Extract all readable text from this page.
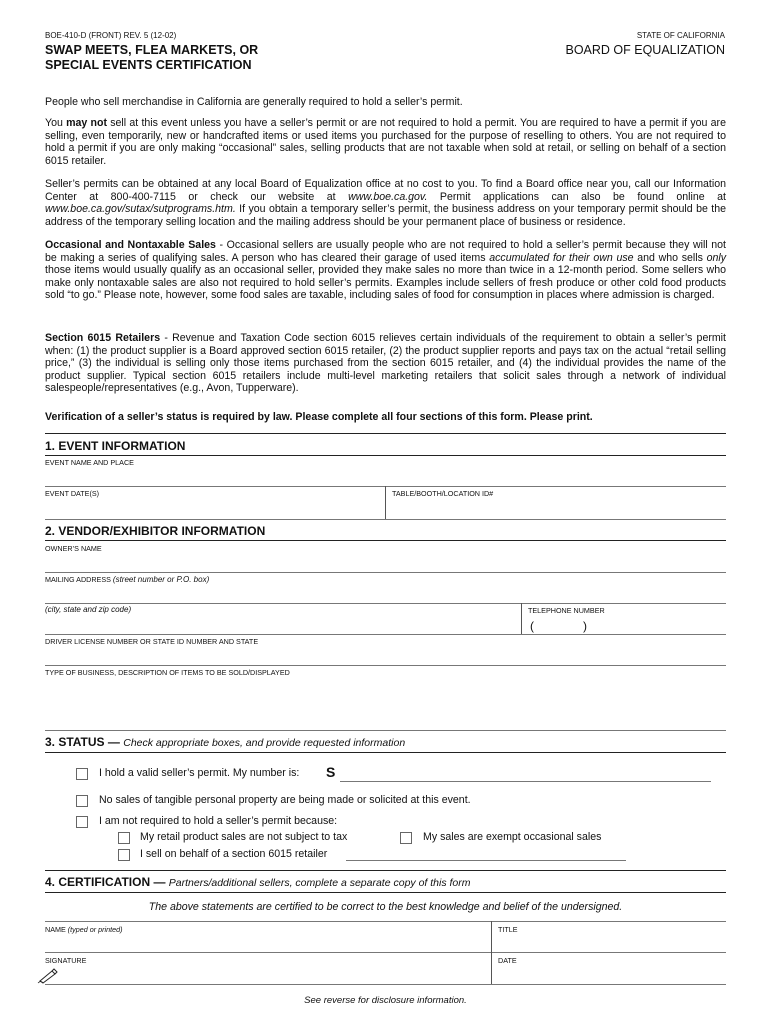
BOE-410-D (FRONT) REV. 5 (12-02)
SWAP MEETS, FLEA MARKETS, OR
SPECIAL EVENTS CERTIFICATION
STATE OF CALIFORNIA
BOARD OF EQUALIZATION
People who sell merchandise in California are generally required to hold a seller’s permit.
You may not sell at this event unless you have a seller’s permit or are not required to hold a permit. You are required to have a permit if you are selling, even temporarily, new or handcrafted items or used items you purchased for the purpose of reselling to others. You are not required to hold a permit if you are only making “occasional” sales, selling products that are not taxable when sold at retail, or selling on behalf of a section 6015 retailer.
Seller’s permits can be obtained at any local Board of Equalization office at no cost to you. To find a Board office near you, call our Information Center at 800-400-7115 or check our website at www.boe.ca.gov. Permit applications can also be found online at www.boe.ca.gov/sutax/sutprograms.htm. If you obtain a temporary seller’s permit, the business address on your temporary permit should be the address of the temporary selling location and the mailing address should be your permanent place of business or residence.
Occasional and Nontaxable Sales - Occasional sellers are usually people who are not required to hold a seller’s permit because they will not be making a series of qualifying sales. A person who has cleared their garage of used items accumulated for their own use and who sells only those items would usually qualify as an occasional seller, provided they make sales no more than twice in a 12-month period. Some sellers who make only nontaxable sales are also not required to hold seller’s permits. Examples include sellers of fresh produce or other cold food products sold “to go.” Please note, however, some food sales are taxable, including sales of food for consumption in places where admission is charged.
Section 6015 Retailers - Revenue and Taxation Code section 6015 relieves certain individuals of the requirement to obtain a seller’s permit when: (1) the product supplier is a Board approved section 6015 retailer, (2) the product supplier reports and pays tax on the actual “retail selling price,” (3) the individual is selling only those items purchased from the section 6015 retailer, and (4) the individual provides the name of the product supplier. Typical section 6015 retailers include multi-level marketing retailers that solicit sales through a network of individual salespeople/representatives (e.g., Avon, Tupperware).
Verification of a seller’s status is required by law. Please complete all four sections of this form. Please print.
1. EVENT INFORMATION
EVENT NAME AND PLACE
EVENT DATE(S)	TABLE/BOOTH/LOCATION ID#
2. VENDOR/EXHIBITOR INFORMATION
OWNER’S NAME
MAILING ADDRESS (street number or P.O. box)
(city, state and zip code)	TELEPHONE NUMBER
(	)
DRIVER LICENSE NUMBER OR STATE ID NUMBER AND STATE
TYPE OF BUSINESS, DESCRIPTION OF ITEMS TO BE SOLD/DISPLAYED
3. STATUS — Check appropriate boxes, and provide requested information
I hold a valid seller’s permit. My number is: S
No sales of tangible personal property are being made or solicited at this event.
I am not required to hold a seller’s permit because:
My retail product sales are not subject to tax	My sales are exempt occasional sales
I sell on behalf of a section 6015 retailer
4. CERTIFICATION — Partners/additional sellers, complete a separate copy of this form
The above statements are certified to be correct to the best knowledge and belief of the undersigned.
NAME (typed or printed)	TITLE
SIGNATURE	DATE
See reverse for disclosure information.
